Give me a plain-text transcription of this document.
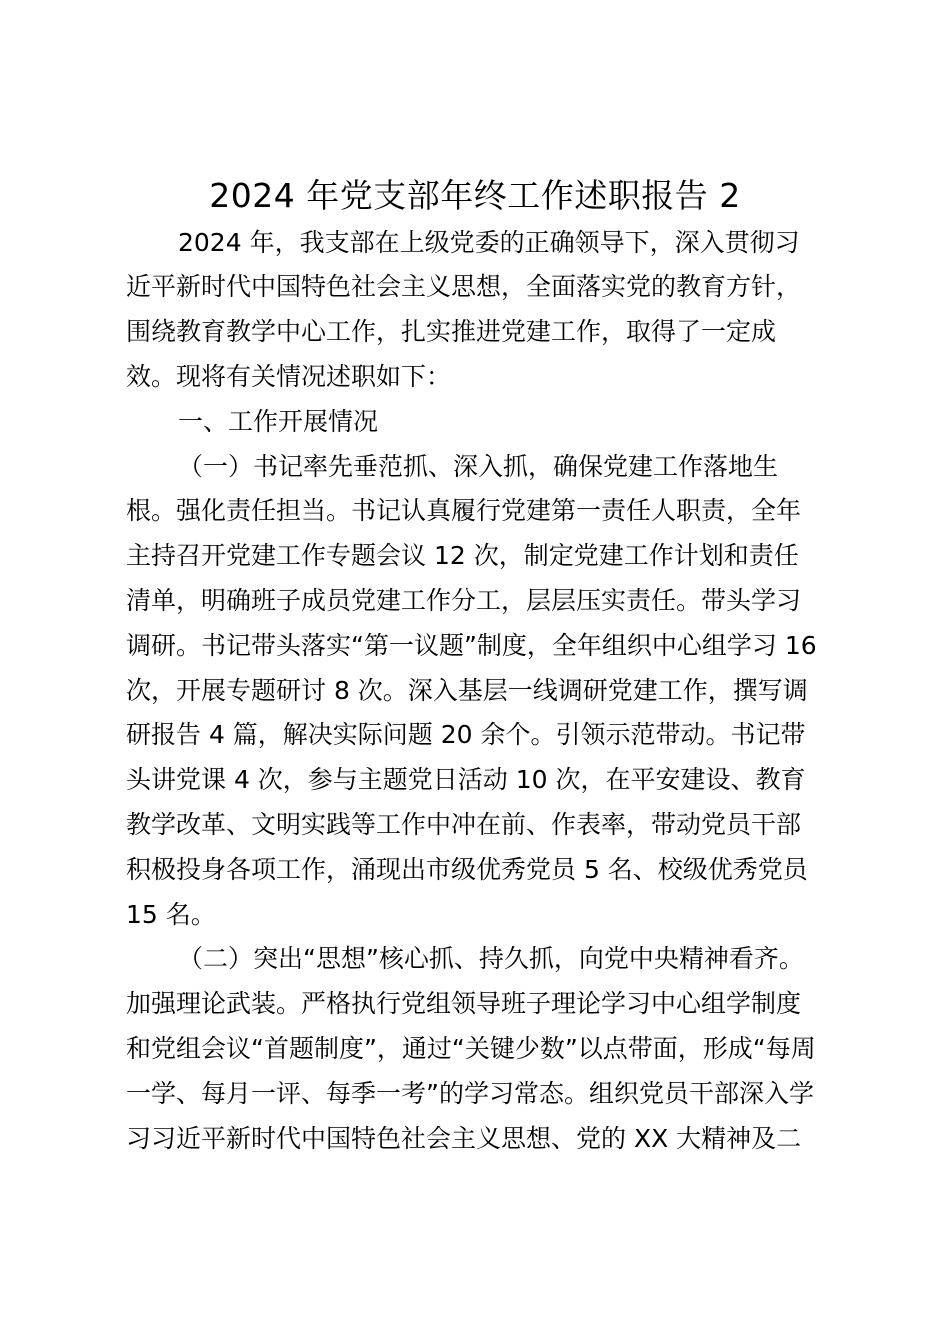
2024 年党支部年终工作述职报告 2
2024 年，我支部在上级党委的正确领导下，深入贯彻习
近平新时代中国特色社会主义思想，全面落实党的教育方针，
围绕教育教学中心工作，扎实推进党建工作，取得了一定成
效。现将有关情况述职如下：
一、工作开展情况
（一）书记率先垂范抓、深入抓，确保党建工作落地生
根。强化责任担当。书记认真履行党建第一责任人职责，全年
主持召开党建工作专题会议 12 次，制定党建工作计划和责任
清单，明确班子成员党建工作分工，层层压实责任。带头学习
调研。书记带头落实“第一议题”制度，全年组织中心组学习 16
次，开展专题研讨 8 次。深入基层一线调研党建工作，撰写调
研报告 4 篇，解决实际问题 20 余个。引领示范带动。书记带
头讲党课 4 次，参与主题党日活动 10 次，在平安建设、教育
教学改革、文明实践等工作中冲在前、作表率，带动党员干部
积极投身各项工作，涌现出市级优秀党员 5 名、校级优秀党员
15 名。
（二）突出“思想”核心抓、持久抓，向党中央精神看齐。
加强理论武装。严格执行党组领导班子理论学习中心组学制度
和党组会议“首题制度”，通过“关键少数”以点带面，形成“每周
一学、每月一评、每季一考”的学习常态。组织党员干部深入学
习习近平新时代中国特色社会主义思想、党的 XX 大精神及二
